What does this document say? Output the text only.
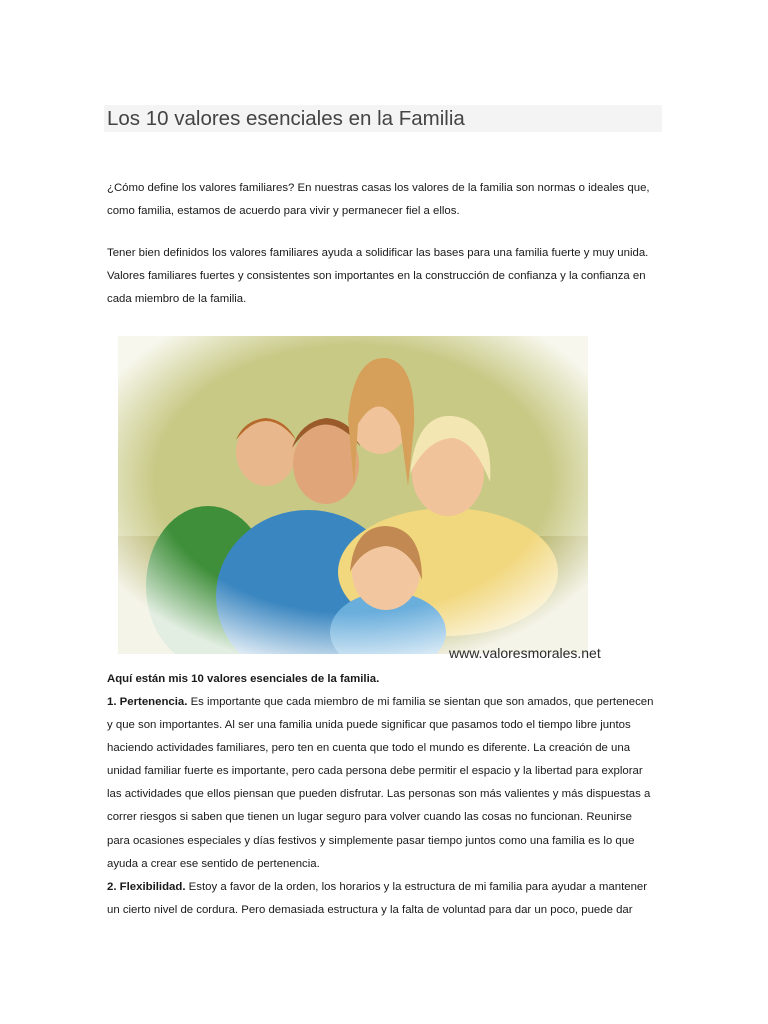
Los 10 valores esenciales en la Familia
¿Cómo define los valores familiares? En nuestras casas los valores de la familia son normas o ideales que,
como familia, estamos de acuerdo para vivir y permanecer fiel a ellos.
Tener bien definidos los valores familiares ayuda a solidificar las bases para una familia fuerte y muy unida.
Valores familiares fuertes y consistentes son importantes en la construcción de confianza y la confianza en
cada miembro de la familia.
www.valoresmorales.net
Aquí están mis 10 valores esenciales de la familia.
1. Pertenencia. Es importante que cada miembro de mi familia se sientan que son amados, que pertenecen
y que son importantes. Al ser una familia unida puede significar que pasamos todo el tiempo libre juntos
haciendo actividades familiares, pero ten en cuenta que todo el mundo es diferente. La creación de una
unidad familiar fuerte es importante, pero cada persona debe permitir el espacio y la libertad para explorar
las actividades que ellos piensan que pueden disfrutar. Las personas son más valientes y más dispuestas a
correr riesgos si saben que tienen un lugar seguro para volver cuando las cosas no funcionan. Reunirse
para ocasiones especiales y días festivos y simplemente pasar tiempo juntos como una familia es lo que
ayuda a crear ese sentido de pertenencia.
2. Flexibilidad. Estoy a favor de la orden, los horarios y la estructura de mi familia para ayudar a mantener
un cierto nivel de cordura. Pero demasiada estructura y la falta de voluntad para dar un poco, puede dar
